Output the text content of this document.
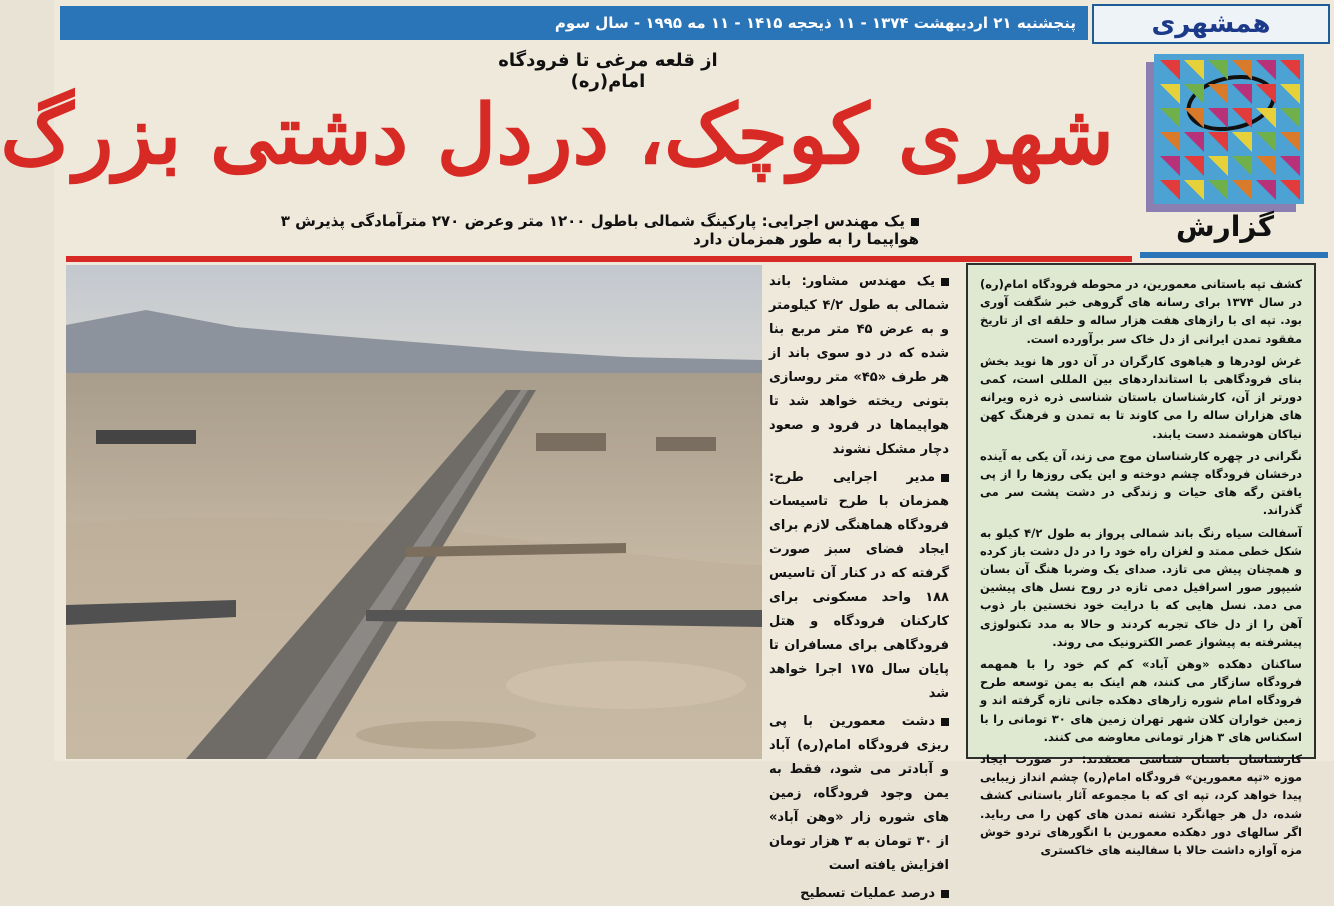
پنجشنبه ۲۱ اردیبهشت ۱۳۷۴ - ۱۱ ذیحجه ۱۴۱۵ - ۱۱ مه ۱۹۹۵ - سال سوم	همشهری
از قلعه مرغی تا فرودگاه امام(ره)
شهری کوچک، دردل دشتی بزرگ
یک مهندس اجرایی: پارکینگ شمالی باطول ۱۲۰۰ متر وعرض ۲۷۰ مترآمادگی پذیرش ۳ هواپیما را به طور همزمان دارد	گزارش

یک مهندس مشاور: باند شمالی به طول ۴/۲ کیلومتر و به عرض ۴۵ متر مربع بنا شده که در دو سوی باند از هر طرف «۴۵» متر روسازی بتونی ریخته خواهد شد تا هواپیماها در فرود و صعود دچار مشکل نشوند

مدیر اجرایی طرح: همزمان با طرح تاسیسات فرودگاه هماهنگی لازم برای ایجاد فضای سبز صورت گرفته که در کنار آن تاسیس ۱۸۸ واحد مسکونی برای کارکنان فرودگاه و هتل فرودگاهی برای مسافران تا پایان سال ۱۷۵ اجرا خواهد شد

دشت معمورین با پی ریزی فرودگاه امام(ره) آباد و آبادتر می شود، فقط به یمن وجود فرودگاه، زمین های شوره زار «وهن آباد» از ۳۰ تومان به ۳ هزار تومان افزایش یافته است

درصد عملیات تسطیح

کشف تپه باستانی معمورین، در محوطه فرودگاه امام(ره) در سال ۱۳۷۴ برای رسانه های گروهی خبر شگفت آوری بود. تپه ای با رازهای هفت هزار ساله و حلقه ای از تاریخ مفقود تمدن ایرانی از دل خاک سر برآورده است.

غرش لودرها و هیاهوی کارگران در آن دور ها نوید بخش بنای فرودگاهی با استانداردهای بین المللی است، کمی دورتر از آن، کارشناسان باستان شناسی ذره ذره ویرانه های هزاران ساله را می کاوند تا به تمدن و فرهنگ کهن نیاکان هوشمند دست یابند.

نگرانی در چهره کارشناسان موج می زند، آن یکی به آینده درخشان فرودگاه چشم دوخته و این یکی روزها را از پی یافتن رگه های حیات و زندگی در دشت پشت سر می گذراند.

آسفالت سیاه رنگ باند شمالی پرواز به طول ۴/۲ کیلو به شکل خطی ممتد و لغزان راه خود را در دل دشت باز کرده و همچنان پیش می تازد. صدای یک وضربا هنگ آن بسان شیپور صور اسرافیل دمی تازه در روح نسل های پیشین می دمد. نسل هایی که با درایت خود نخستین بار ذوب آهن را از دل خاک تجربه کردند و حالا به مدد تکنولوژی پیشرفته به پیشواز عصر الکترونیک می روند.

ساکنان دهکده «وهن آباد» کم کم خود را با همهمه فرودگاه سازگار می کنند، هم اینک به یمن توسعه طرح فرودگاه امام شوره زارهای دهکده جانی تازه گرفته اند و زمین خواران کلان شهر تهران زمین های ۳۰ تومانی را با اسکناس های ۳ هزار تومانی معاوضه می کنند.

کارشناسان باستان شناسی معتقدند: در صورت ایجاد موزه «تپه معمورین» فرودگاه امام(ره) چشم انداز زیبایی پیدا خواهد کرد، تپه ای که با مجموعه آثار باستانی کشف شده، دل هر جهانگرد تشنه تمدن های کهن را می رباید. اگر سالهای دور دهکده معمورین با انگورهای تردو خوش مزه آوازه داشت حالا با سفالینه های خاکستری
